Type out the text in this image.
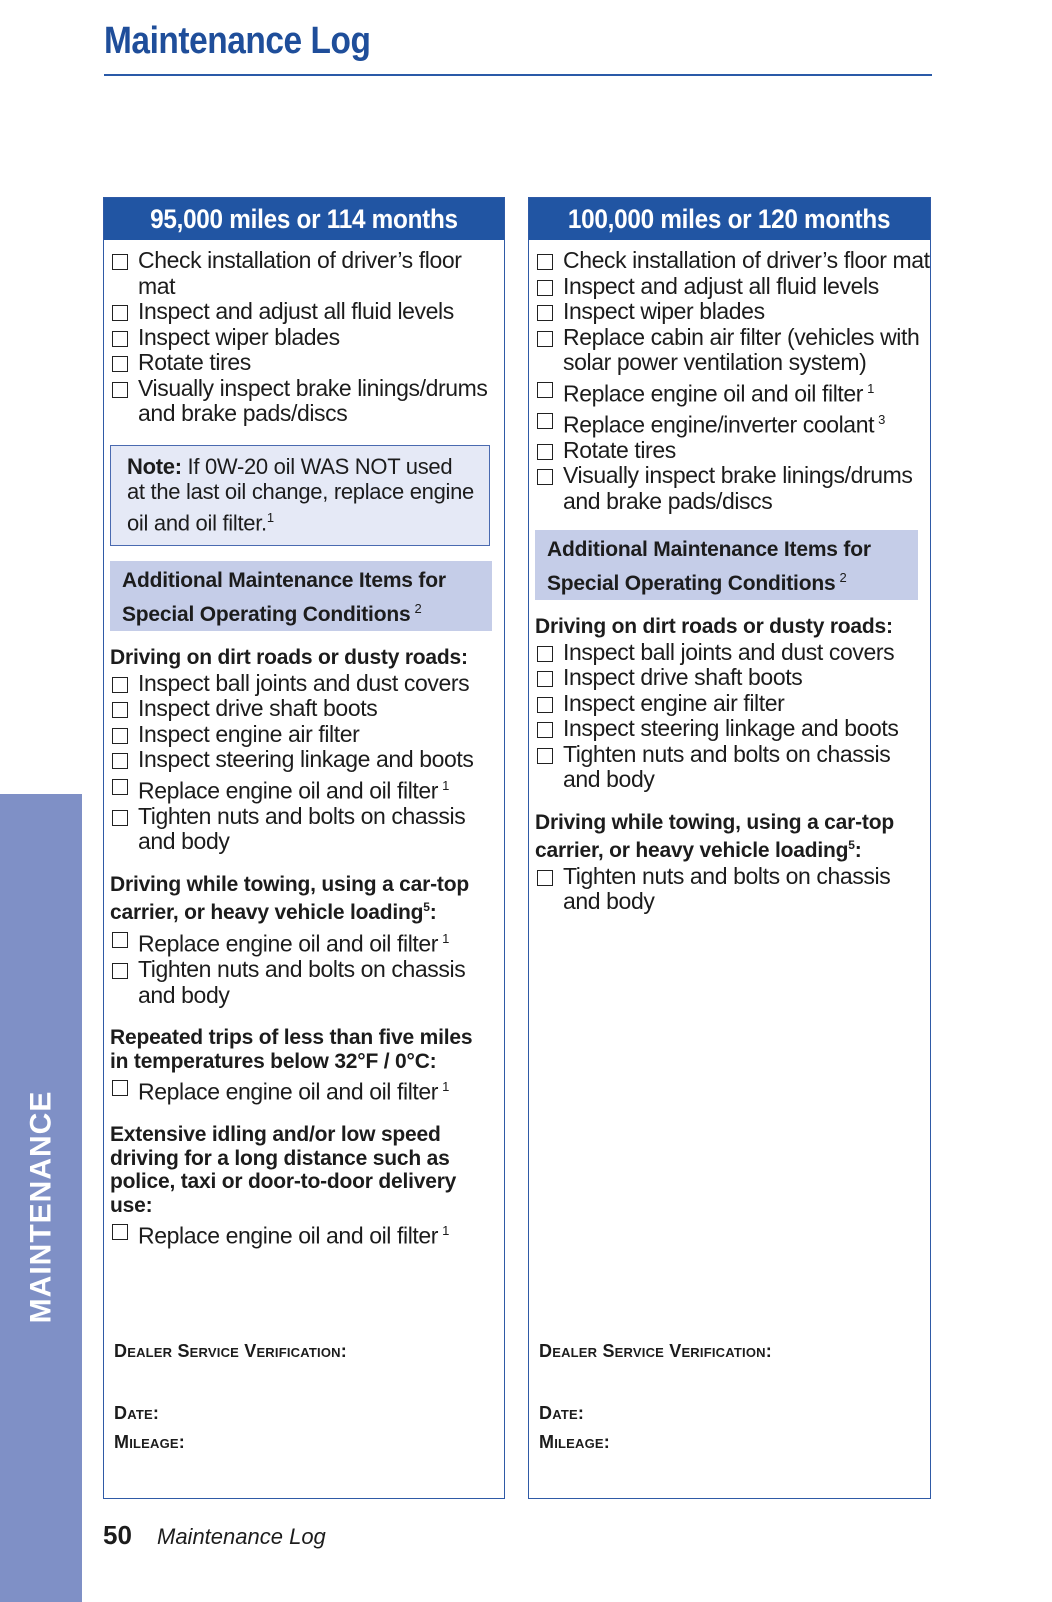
Maintenance Log
MAINTENANCE
95,000 miles or 114 months
Check installation of driver’s floor mat
Inspect and adjust all fluid levels
Inspect wiper blades
Rotate tires
Visually inspect brake linings/drums and brake pads/discs
Note: If 0W-20 oil WAS NOT used at the last oil change, replace engine oil and oil filter.$^1$
Additional Maintenance Items for Special Operating Conditions $^2$
Driving on dirt roads or dusty roads:
Inspect ball joints and dust covers
Inspect drive shaft boots
Inspect engine air filter
Inspect steering linkage and boots
Replace engine oil and oil filter $^1$
Tighten nuts and bolts on chassis and body
Driving while towing, using a car-top carrier, or heavy vehicle loading$^5$:
Replace engine oil and oil filter $^1$
Tighten nuts and bolts on chassis and body
Repeated trips of less than five miles in temperatures below 32°F / 0°C:
Replace engine oil and oil filter $^1$
Extensive idling and/or low speed driving for a long distance such as police, taxi or door-to-door delivery use:
Replace engine oil and oil filter $^1$
Dealer Service Verification:
Date:
Mileage:
100,000 miles or 120 months
Check installation of driver’s floor mat
Inspect and adjust all fluid levels
Inspect wiper blades
Replace cabin air filter (vehicles with solar power ventilation system)
Replace engine oil and oil filter $^1$
Replace engine/inverter coolant $^3$
Rotate tires
Visually inspect brake linings/drums and brake pads/discs
Additional Maintenance Items for Special Operating Conditions $^2$
Driving on dirt roads or dusty roads:
Inspect ball joints and dust covers
Inspect drive shaft boots
Inspect engine air filter
Inspect steering linkage and boots
Tighten nuts and bolts on chassis and body
Driving while towing, using a car-top carrier, or heavy vehicle loading$^5$:
Tighten nuts and bolts on chassis and body
Dealer Service Verification:
Date:
Mileage:
50 Maintenance Log
